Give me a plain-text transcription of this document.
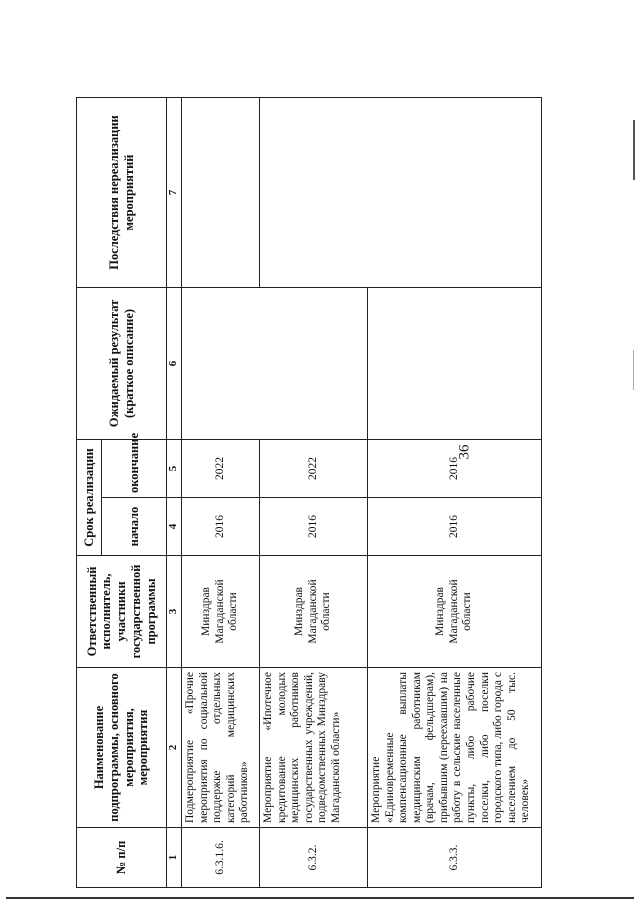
36
№ п/п	Наименование подпрограммы, основного мероприятия, мероприятия	Ответственный исполнитель, участники государственной программы	Срок реализации		Ожидаемый результат (краткое описание)	Последствия нереализации мероприятий
			начало	окончание		
1	2	3	4	5	6	7
6.3.1.6.	Подмероприятие «Прочие мероприятия по социальной поддержке отдельных категорий медицинских работников»	Минздрав Магаданской области	2016	2022		
6.3.2.	Мероприятие «Ипотечное кредитование молодых медицинских работников государственных учреждений, подведомственных Минздраву Магаданской области»	Минздрав Магаданской области	2016	2022		
6.3.3.	Мероприятие «Единовременные компенсационные выплаты медицинским работникам (врачам, фельдшерам), прибывшим (переехавшим) на работу в сельские населенные пункты, либо рабочие поселки, либо поселки городского типа, либо города с населением до 50 тыс. человек»	Минздрав Магаданской области	2016	2016		
